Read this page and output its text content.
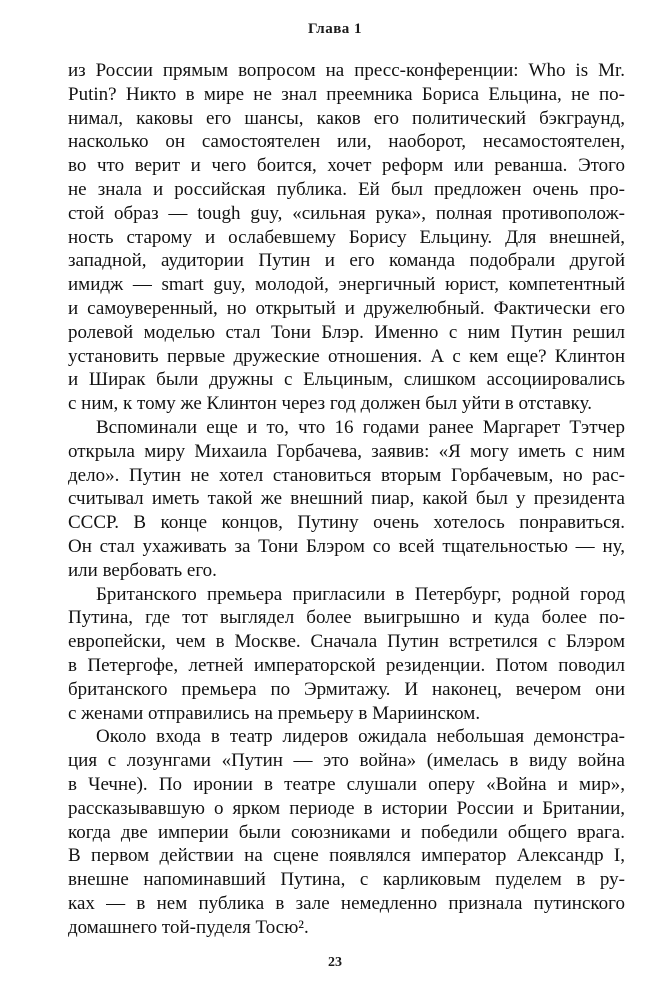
Глава 1
из России прямым вопросом на пресс-конференции: Who is Mr.
Putin? Никто в мире не знал преемника Бориса Ельцина, не по-
нимал, каковы его шансы, каков его политический бэкграунд,
насколько он самостоятелен или, наоборот, несамостоятелен,
во что верит и чего боится, хочет реформ или реванша. Этого
не знала и российская публика. Ей был предложен очень про-
стой образ — tough guy, «сильная рука», полная противополож-
ность старому и ослабевшему Борису Ельцину. Для внешней,
западной, аудитории Путин и его команда подобрали другой
имидж — smart guy, молодой, энергичный юрист, компетентный
и самоуверенный, но открытый и дружелюбный. Фактически его
ролевой моделью стал Тони Блэр. Именно с ним Путин решил
установить первые дружеские отношения. А с кем еще? Клинтон
и Ширак были дружны с Ельциным, слишком ассоциировались
с ним, к тому же Клинтон через год должен был уйти в отставку.
Вспоминали еще и то, что 16 годами ранее Маргарет Тэтчер
открыла миру Михаила Горбачева, заявив: «Я могу иметь с ним
дело». Путин не хотел становиться вторым Горбачевым, но рас-
считывал иметь такой же внешний пиар, какой был у президента
СССР. В конце концов, Путину очень хотелось понравиться.
Он стал ухаживать за Тони Блэром со всей тщательностью — ну,
или вербовать его.
Британского премьера пригласили в Петербург, родной город
Путина, где тот выглядел более выигрышно и куда более по-
европейски, чем в Москве. Сначала Путин встретился с Блэром
в Петергофе, летней императорской резиденции. Потом поводил
британского премьера по Эрмитажу. И наконец, вечером они
с женами отправились на премьеру в Мариинском.
Около входа в театр лидеров ожидала небольшая демонстра-
ция с лозунгами «Путин — это война» (имелась в виду война
в Чечне). По иронии в театре слушали оперу «Война и мир»,
рассказывавшую о ярком периоде в истории России и Британии,
когда две империи были союзниками и победили общего врага.
В первом действии на сцене появлялся император Александр I,
внешне напоминавший Путина, с карликовым пуделем в ру-
ках — в нем публика в зале немедленно признала путинского
домашнего той-пуделя Тосю².
23
